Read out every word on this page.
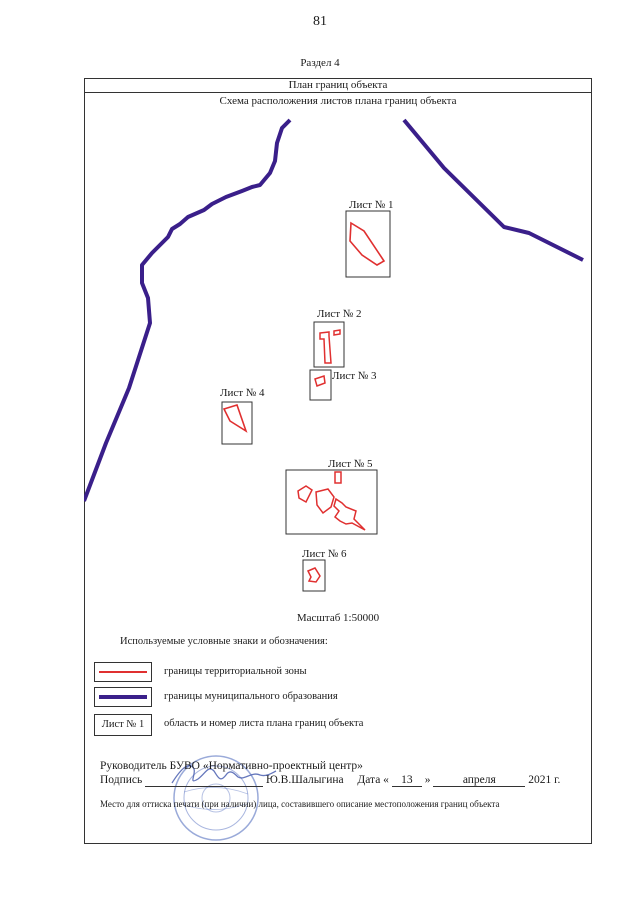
81
Раздел 4
План границ объекта
Схема расположения листов плана границ объекта
Лист № 1
Лист № 2
Лист № 3
Лист № 4
Лист № 5
Лист № 6
Масштаб 1:50000
Используемые условные знаки и обозначения:
границы территориальной зоны
границы муниципального образования
Лист № 1	область и номер листа плана границ объекта
Руководитель БУВО «Нормативно-проектный центр»
Подпись	Ю.В.Шалыгина Дата « 13 »	апреля	2021 г.
Место для оттиска печати (при наличии) лица, составившего описание местоположения границ объекта
